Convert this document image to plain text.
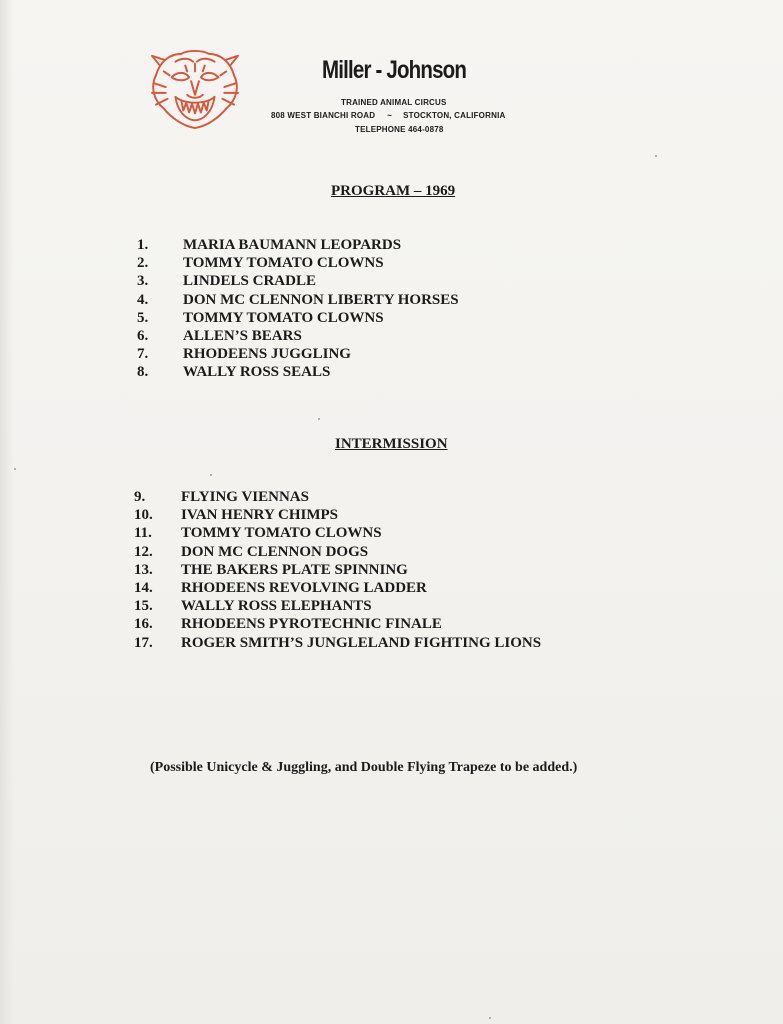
Miller - Johnson
TRAINED ANIMAL CIRCUS
808 WEST BIANCHI ROAD ~ STOCKTON, CALIFORNIA
TELEPHONE 464-0878
PROGRAM – 1969
1. MARIA BAUMANN LEOPARDS
2. TOMMY TOMATO CLOWNS
3. LINDELS CRADLE
4. DON MC CLENNON LIBERTY HORSES
5. TOMMY TOMATO CLOWNS
6. ALLEN’S BEARS
7. RHODEENS JUGGLING
8. WALLY ROSS SEALS
INTERMISSION
9. FLYING VIENNAS
10. IVAN HENRY CHIMPS
11. TOMMY TOMATO CLOWNS
12. DON MC CLENNON DOGS
13. THE BAKERS PLATE SPINNING
14. RHODEENS REVOLVING LADDER
15. WALLY ROSS ELEPHANTS
16. RHODEENS PYROTECHNIC FINALE
17. ROGER SMITH’S JUNGLELAND FIGHTING LIONS
(Possible Unicycle & Juggling, and Double Flying Trapeze to be added.)
